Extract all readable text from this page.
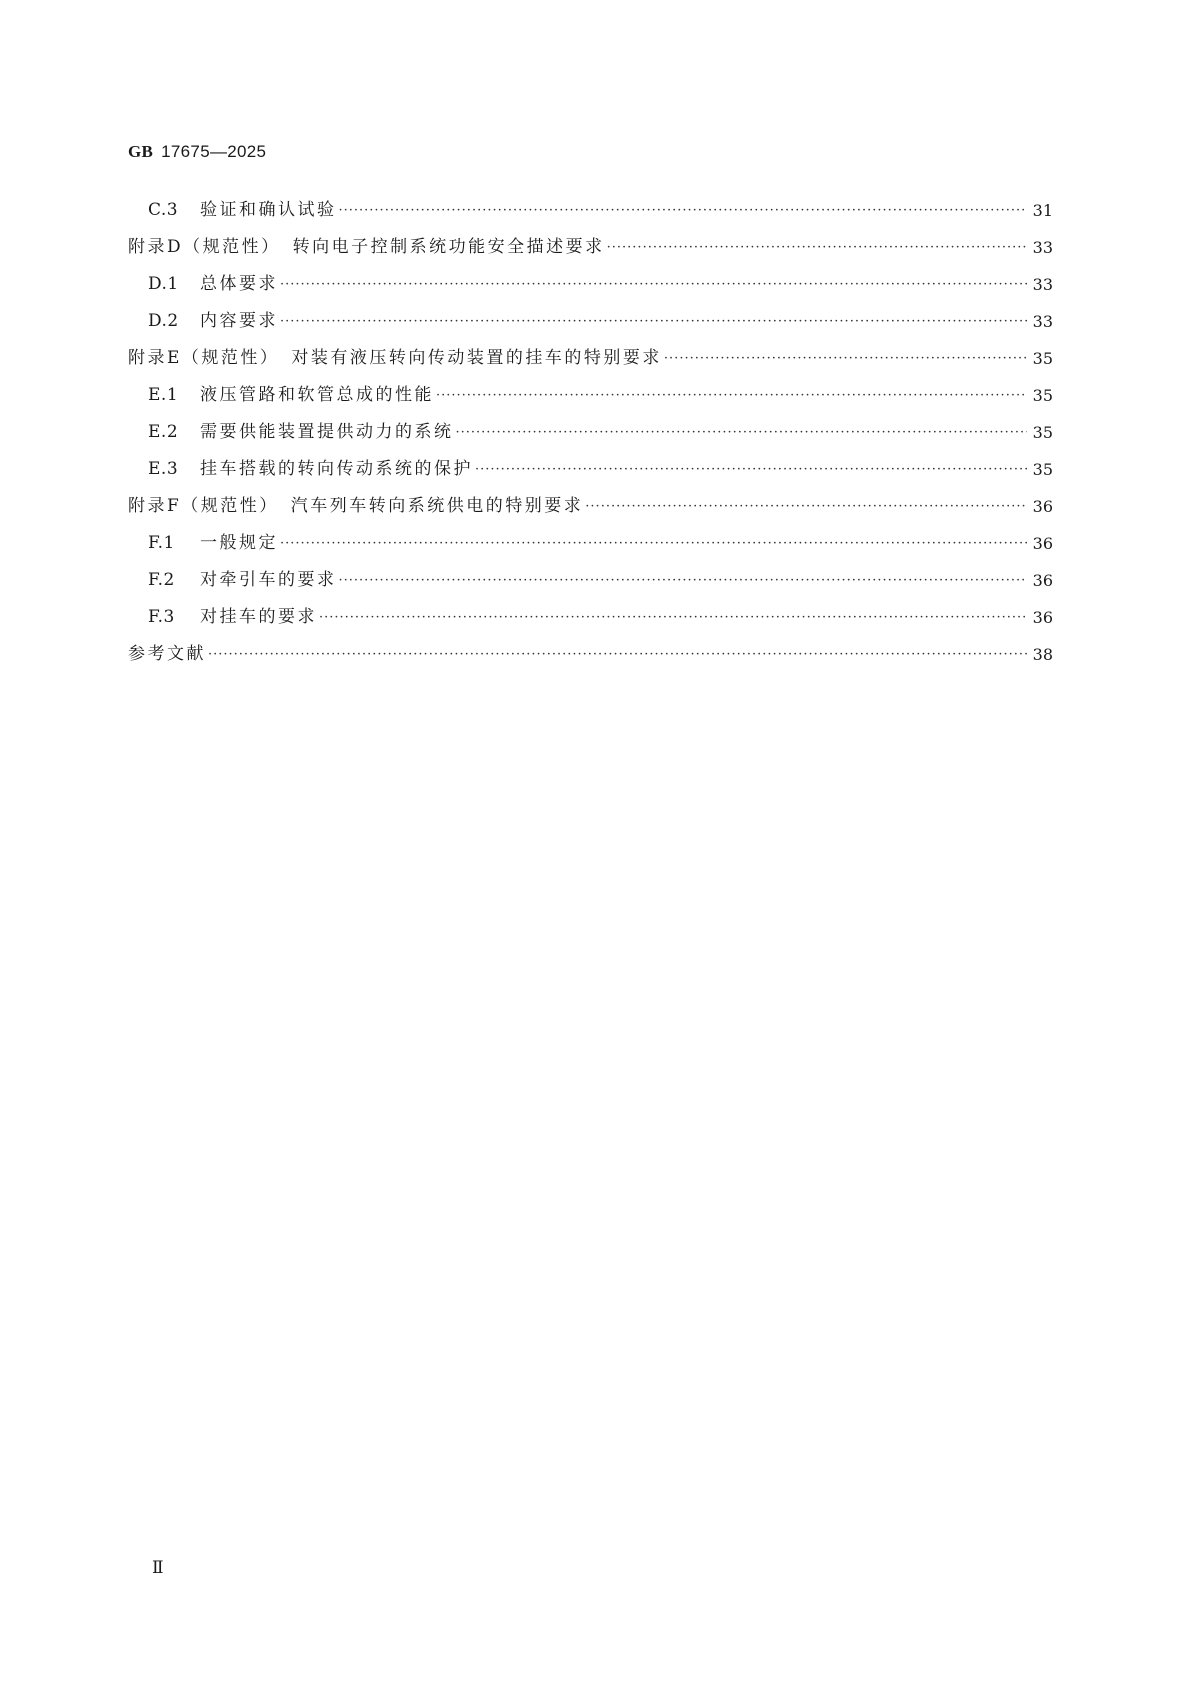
GB 17675—2025
C.3	验证和确认试验 ·····	31
附录D（规范性） 转向电子控制系统功能安全描述要求 ·····	33
D.1	总体要求 ·····	33
D.2	内容要求 ·····	33
附录E（规范性） 对装有液压转向传动装置的挂车的特别要求 ·····	35
E.1	液压管路和软管总成的性能 ·····	35
E.2	需要供能装置提供动力的系统 ·····	35
E.3	挂车搭载的转向传动系统的保护 ·····	35
附录F（规范性） 汽车列车转向系统供电的特别要求 ·····	36
F.1	一般规定 ·····	36
F.2	对牵引车的要求 ·····	36
F.3	对挂车的要求 ·····	36
参考文献 ·····	38
Ⅱ
